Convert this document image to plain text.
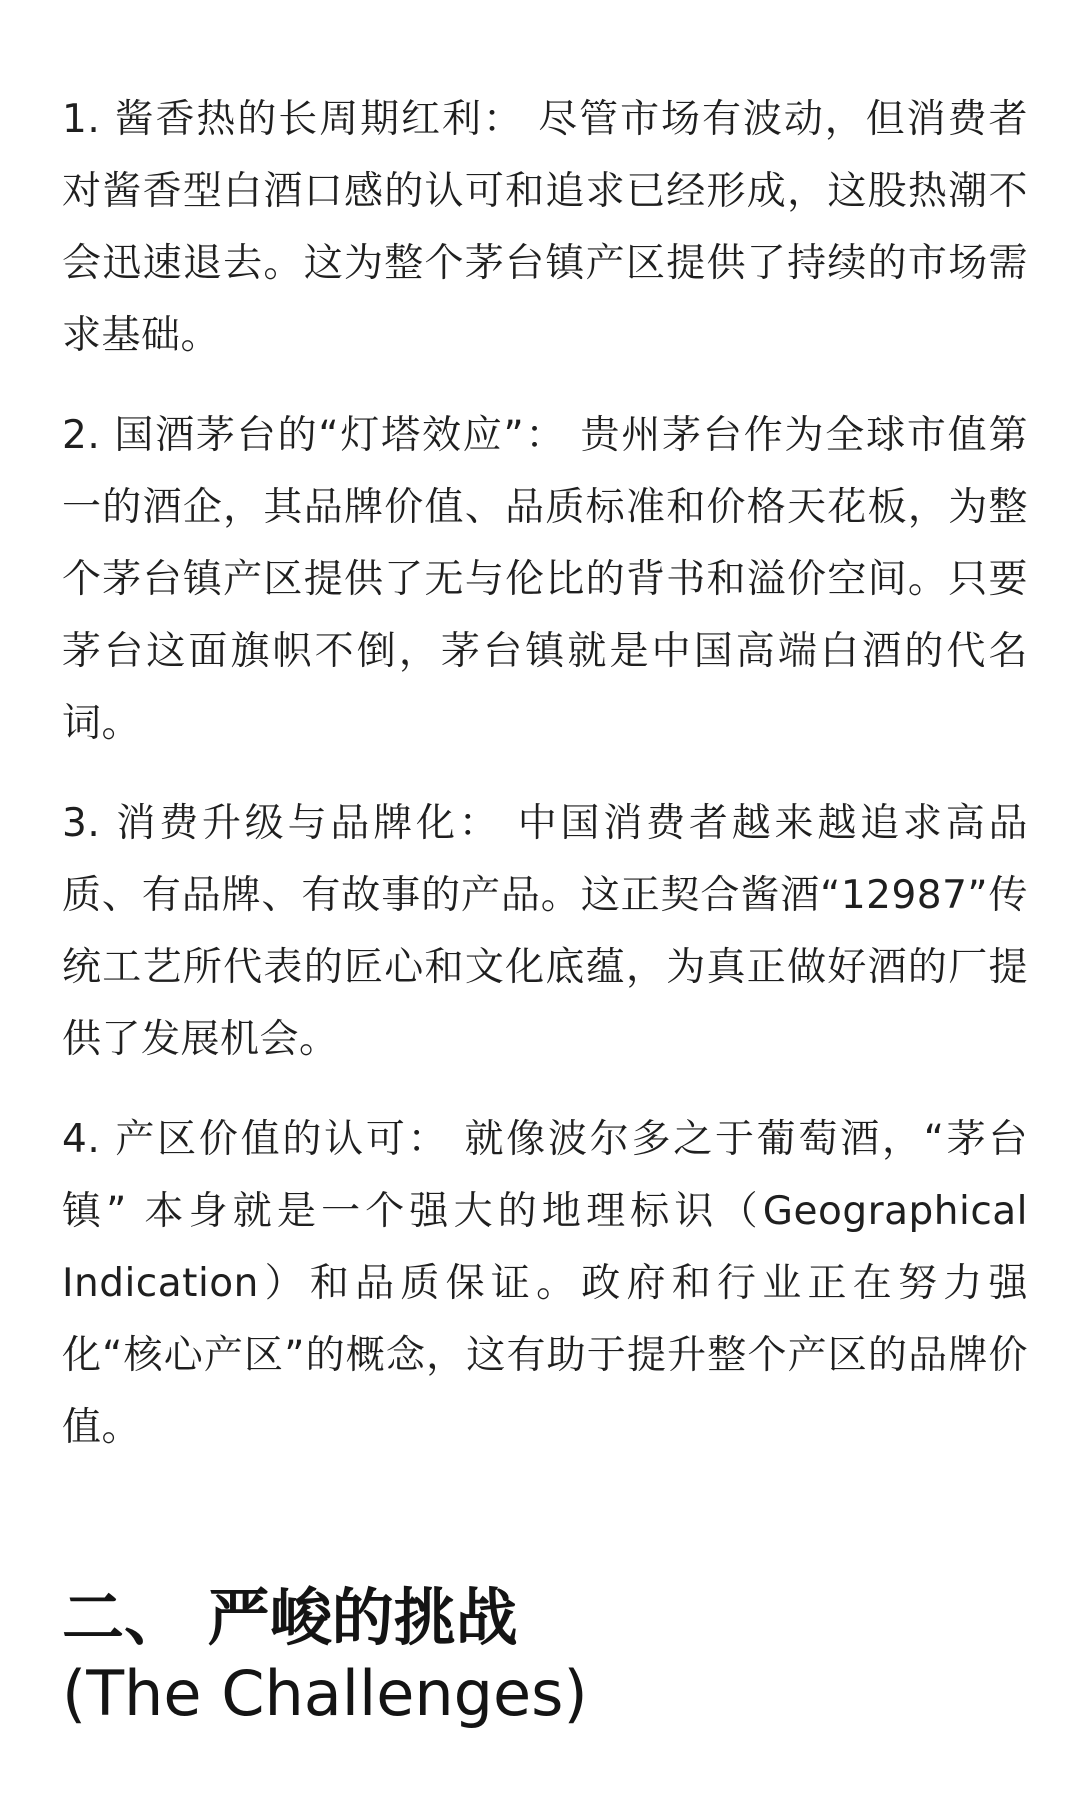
1. 酱香热的长周期红利： 尽管市场有波动，但消费者对酱香型白酒口感的认可和追求已经形成，这股热潮不会迅速退去。这为整个茅台镇产区提供了持续的市场需求基础。

2. 国酒茅台的“灯塔效应”： 贵州茅台作为全球市值第一的酒企，其品牌价值、品质标准和价格天花板，为整个茅台镇产区提供了无与伦比的背书和溢价空间。只要茅台这面旗帜不倒，茅台镇就是中国高端白酒的代名词。

3. 消费升级与品牌化： 中国消费者越来越追求高品质、有品牌、有故事的产品。这正契合酱酒“12987”传统工艺所代表的匠心和文化底蕴，为真正做好酒的厂提供了发展机会。

4. 产区价值的认可： 就像波尔多之于葡萄酒，“茅台镇” 本身就是一个强大的地理标识（Geographical Indication）和品质保证。政府和行业正在努力强化“核心产区”的概念，这有助于提升整个产区的品牌价值。

二、 严峻的挑战
(The Challenges)
